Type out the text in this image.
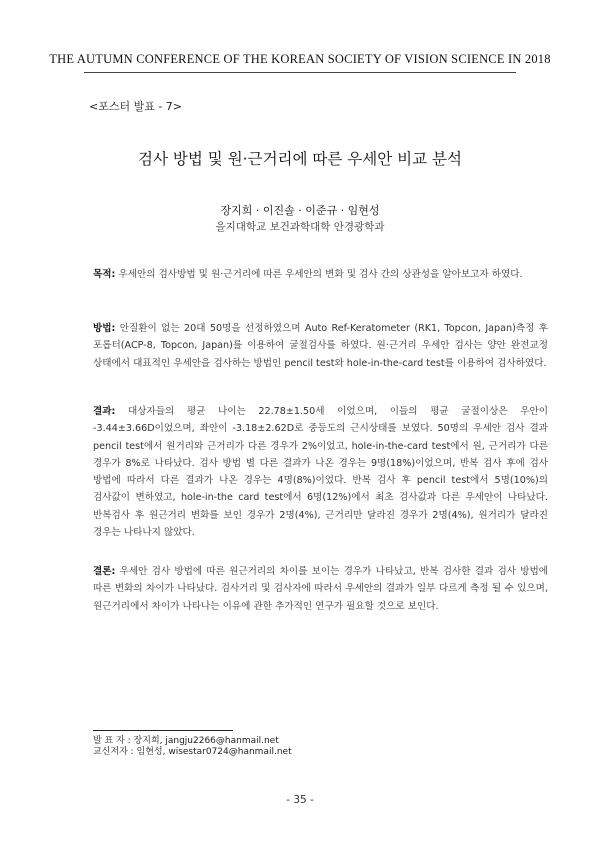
THE AUTUMN CONFERENCE OF THE KOREAN SOCIETY OF VISION SCIENCE IN 2018
<포스터 발표 - 7>
검사 방법 및 원·근거리에 따른 우세안 비교 분석
장지희 · 이진솔 · 이준규 · 임현성
을지대학교 보건과학대학 안경광학과
목적: 우세안의 검사방법 및 원·근거리에 따른 우세안의 변화 및 검사 간의 상관성을 알아보고자 하였다.
방법: 안질환이 없는 20대 50명을 선정하였으며 Auto Ref-Keratometer (RK1, Topcon, Japan)측정 후 포롭터(ACP-8, Topcon, Japan)를 이용하여 굴절검사를 하였다. 원·근거리 우세안 검사는 양안 완전교정 상태에서 대표적인 우세안을 검사하는 방법인 pencil test와 hole-in-the-card test를 이용하여 검사하였다.
결과: 대상자들의 평균 나이는 22.78±1.50세 이었으며, 이들의 평균 굴절이상은 우안이 -3.44±3.66D이었으며, 좌안이 -3.18±2.62D로 중등도의 근시상태를 보였다. 50명의 우세안 검사 결과 pencil test에서 원거리와 근거리가 다른 경우가 2%이었고, hole-in-the-card test에서 원, 근거리가 다른 경우가 8%로 나타났다. 검사 방법 별 다른 결과가 나온 경우는 9명(18%)이었으며, 반복 검사 후에 검사 방법에 따라서 다른 결과가 나온 경우는 4명(8%)이었다. 반복 검사 후 pencil test에서 5명(10%)의 검사값이 변하였고, hole-in-the card test에서 6명(12%)에서 최초 검사값과 다른 우세안이 나타났다. 반복검사 후 원근거리 변화를 보인 경우가 2명(4%), 근거리만 달라진 경우가 2명(4%), 원거리가 달라진 경우는 나타나지 않았다.
결론: 우세안 검사 방법에 따른 원근거리의 차이를 보이는 경우가 나타났고, 반복 검사한 결과 검사 방법에 따른 변화의 차이가 나타났다. 검사거리 및 검사자에 따라서 우세안의 결과가 일부 다르게 측정 될 수 있으며, 원근거리에서 차이가 나타나는 이유에 관한 추가적인 연구가 필요할 것으로 보인다.
발 표 자 : 장지희, jangju2266@hanmail.net
교신저자 : 임현성, wisestar0724@hanmail.net
- 35 -
